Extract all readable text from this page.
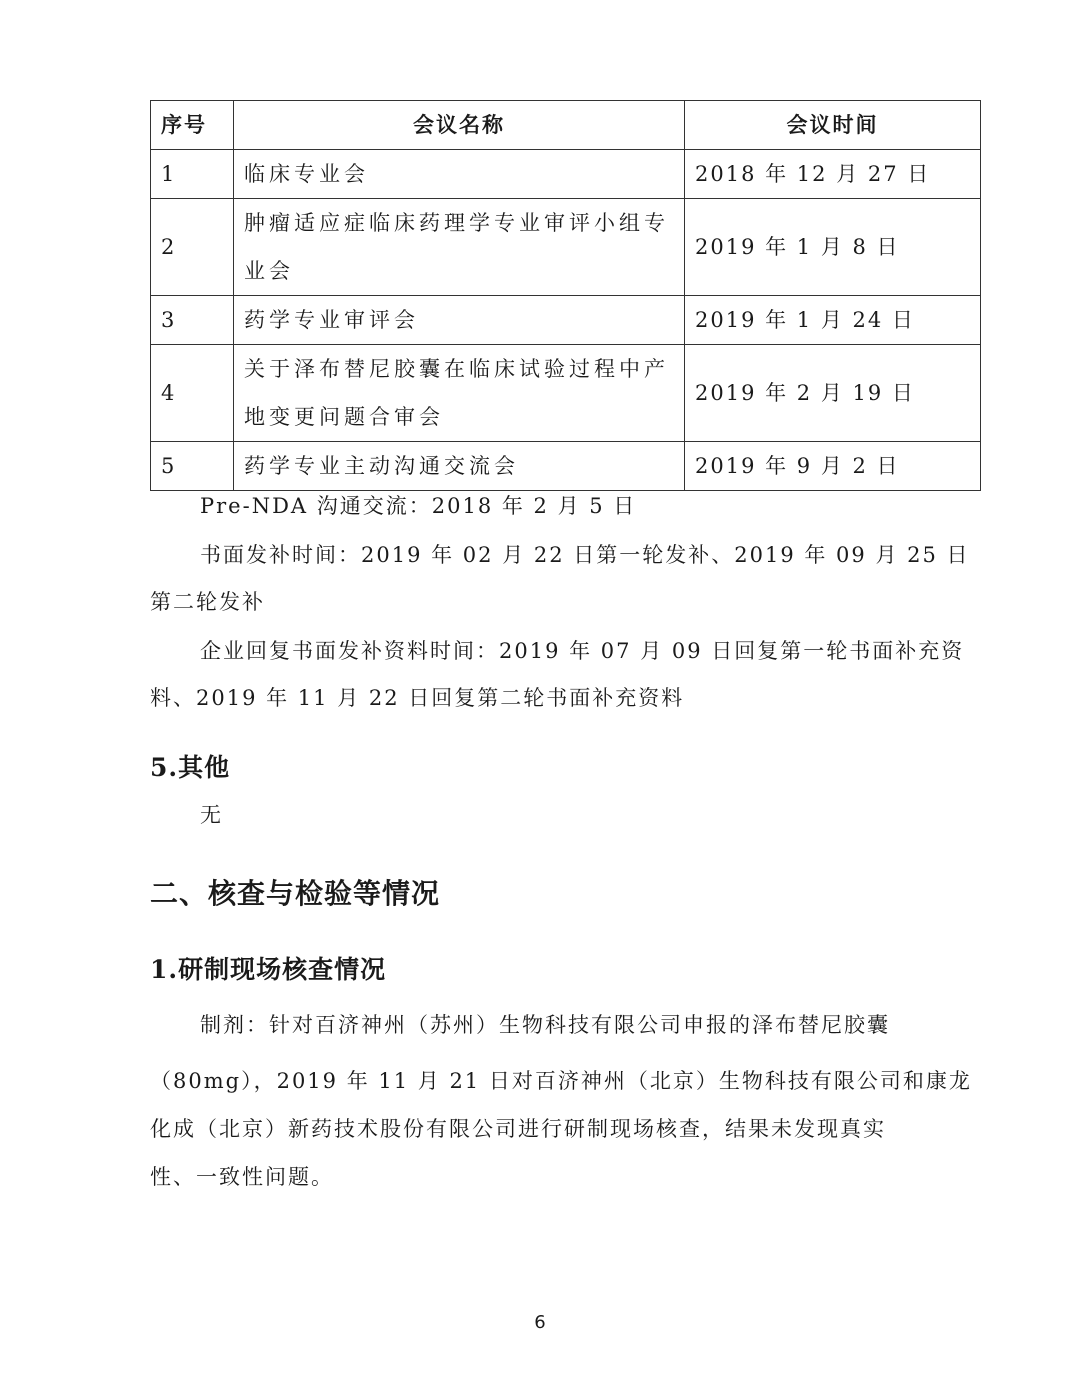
序号	会议名称	会议时间
1	临床专业会	2018 年 12 月 27 日
2	肿瘤适应症临床药理学专业审评小组专业会	2019 年 1 月 8 日
3	药学专业审评会	2019 年 1 月 24 日
4	关于泽布替尼胶囊在临床试验过程中产地变更问题合审会	2019 年 2 月 19 日
5	药学专业主动沟通交流会	2019 年 9 月 2 日

Pre-NDA 沟通交流：2018 年 2 月 5 日

书面发补时间：2019 年 02 月 22 日第一轮发补、2019 年 09 月 25 日第二轮发补

企业回复书面发补资料时间：2019 年 07 月 09 日回复第一轮书面补充资料、2019 年 11 月 22 日回复第二轮书面补充资料

5.其他

无

二、核查与检验等情况
1.研制现场核查情况

制剂：针对百济神州（苏州）生物科技有限公司申报的泽布替尼胶囊

（80mg），2019 年 11 月 21 日对百济神州（北京）生物科技有限公司和康龙

化成（北京）新药技术股份有限公司进行研制现场核查，结果未发现真实

性、一致性问题。

6
